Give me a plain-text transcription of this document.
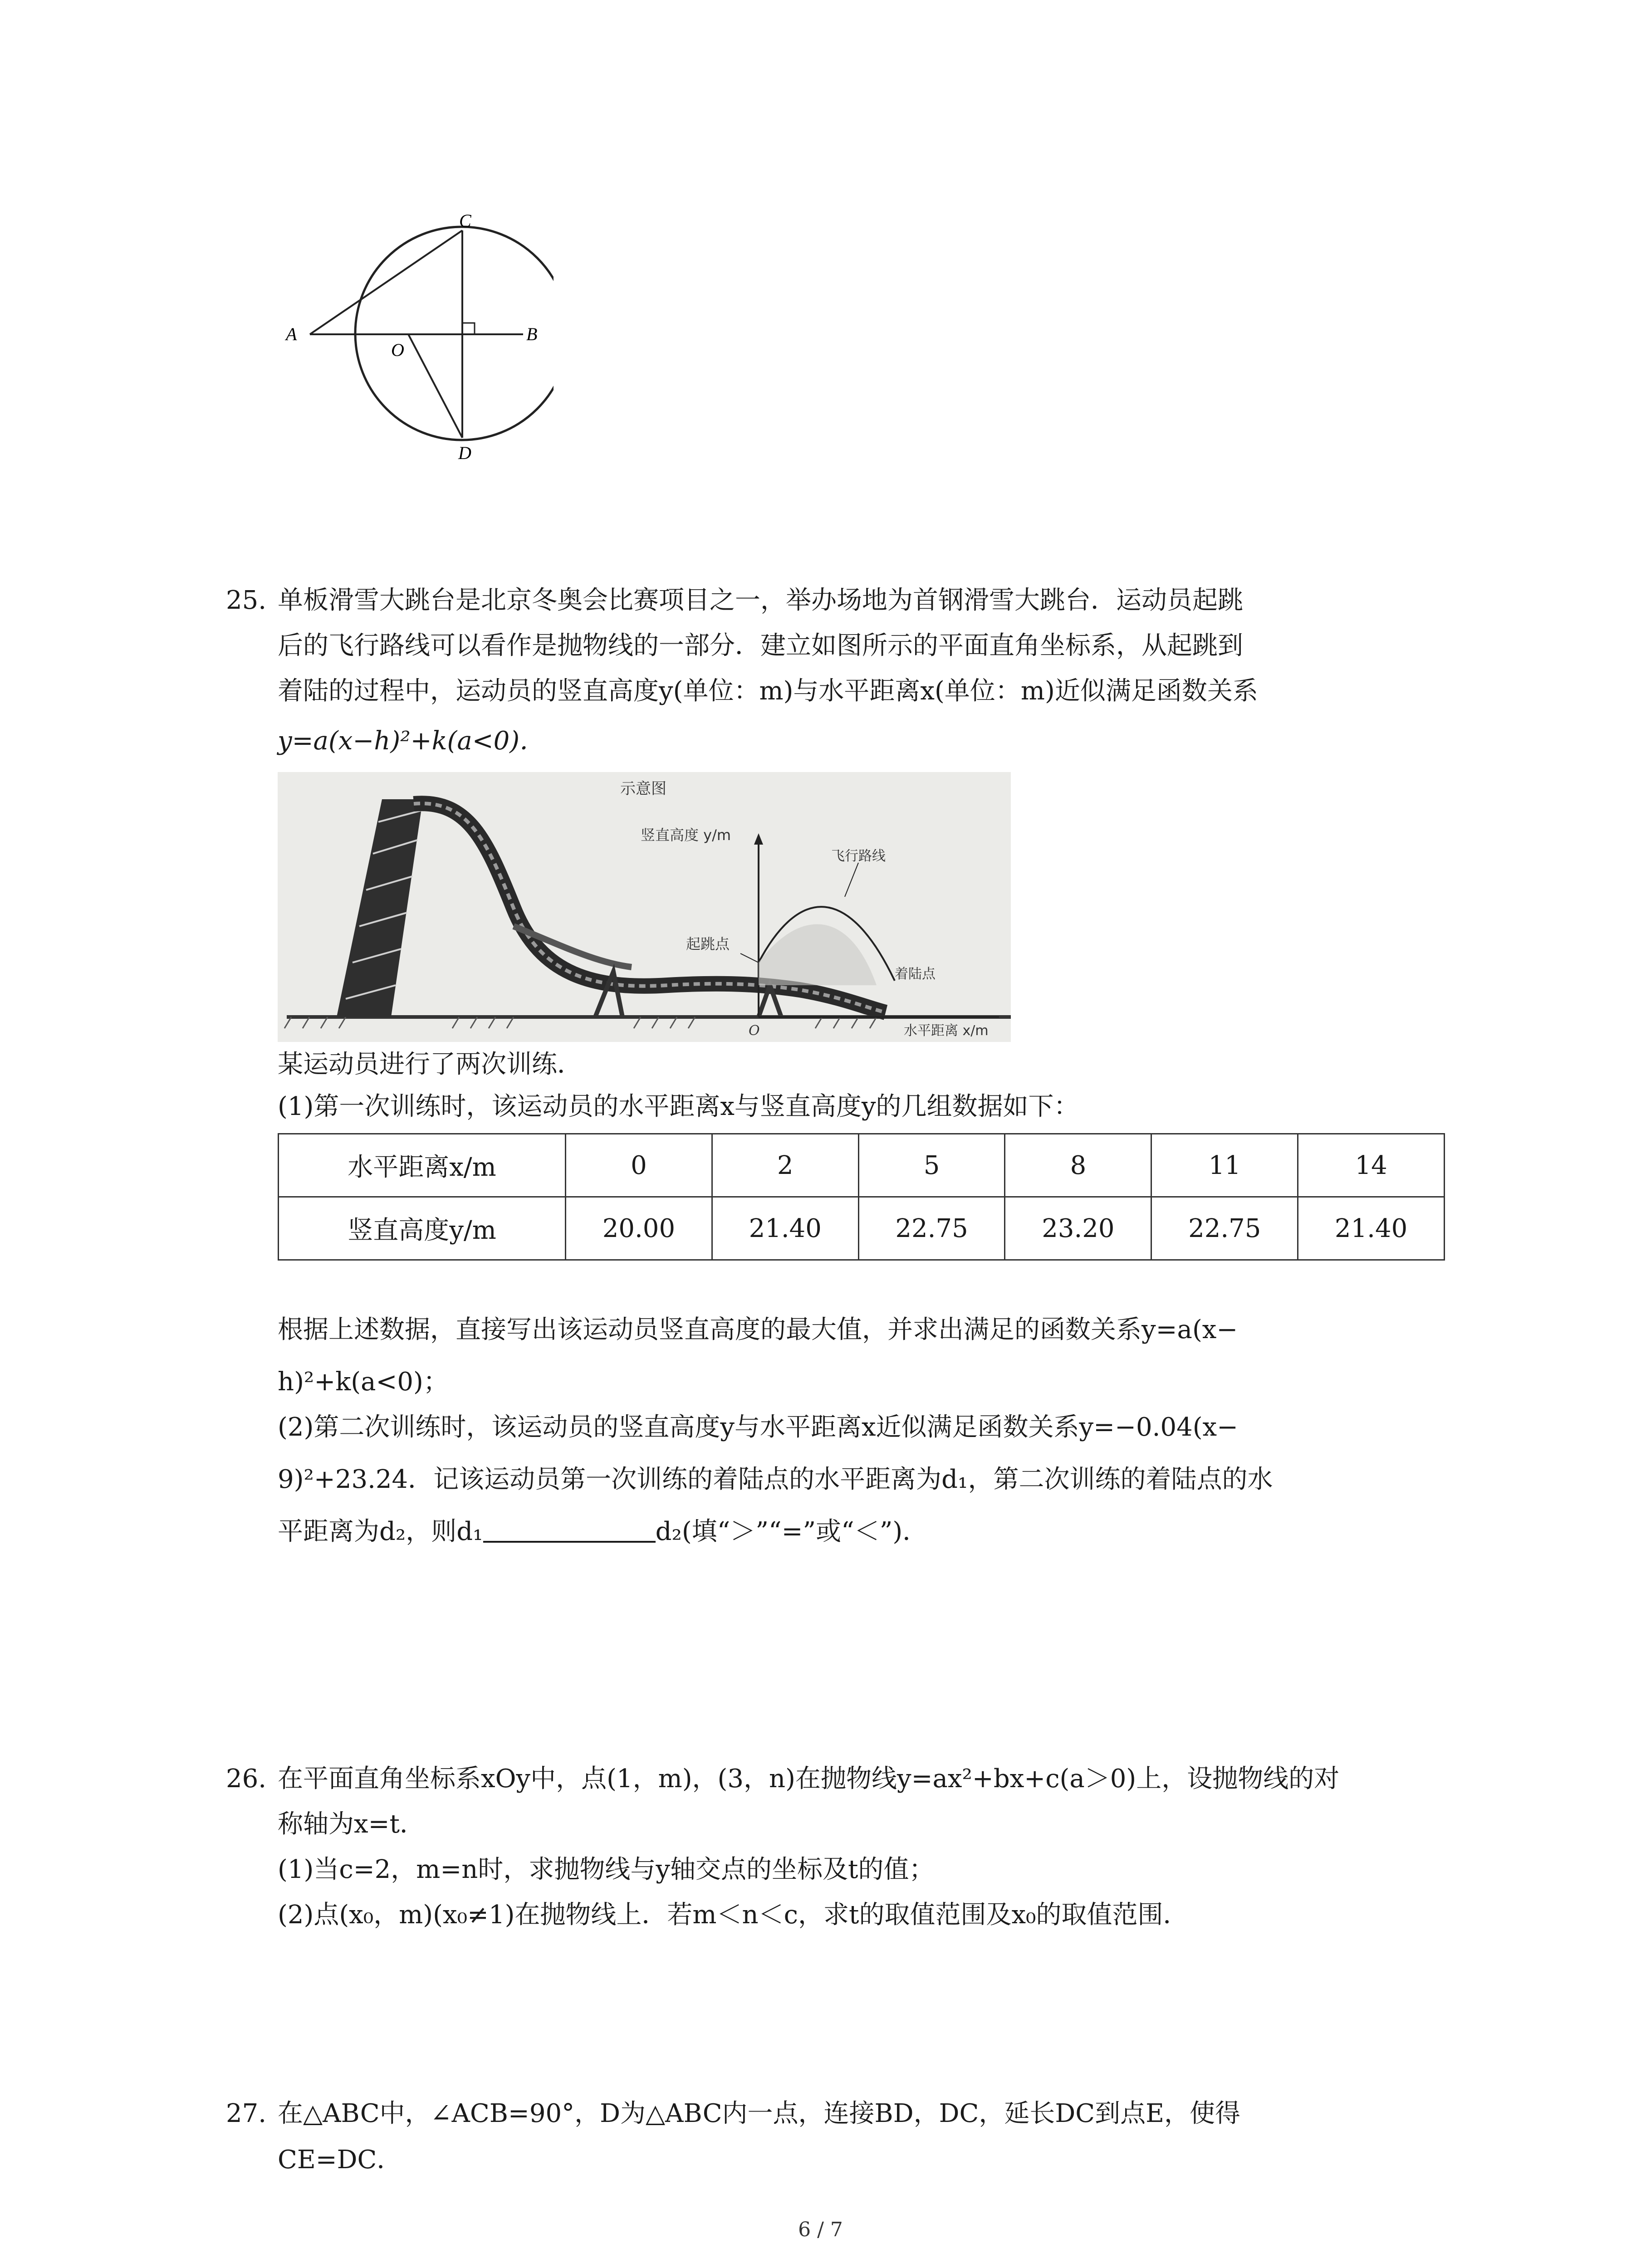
A	B
C
D
O
25. 单板滑雪大跳台是北京冬奥会比赛项目之一，举办场地为首钢滑雪大跳台．运动员起跳
后的飞行路线可以看作是抛物线的一部分．建立如图所示的平面直角坐标系，从起跳到
着陆的过程中，运动员的竖直高度y(单位：m)与水平距离x(单位：m)近似满足函数关系
y=a(x−h)²+k(a<0)．
示意图
竖直高度 y/m
飞行路线
起跳点
着陆点
O	水平距离 x/m
某运动员进行了两次训练．
(1)第一次训练时，该运动员的水平距离x与竖直高度y的几组数据如下：
水平距离x/m	0	2	5	8	11	14
竖直高度y/m	20.00	21.40	22.75	23.20	22.75	21.40
根据上述数据，直接写出该运动员竖直高度的最大值，并求出满足的函数关系y=a(x−
h)²+k(a<0)；
(2)第二次训练时，该运动员的竖直高度y与水平距离x近似满足函数关系y=−0.04(x−
9)²+23.24．记该运动员第一次训练的着陆点的水平距离为d₁，第二次训练的着陆点的水
平距离为d₂，则d₁	d₂(填“＞”“=”或“＜”)．
26. 在平面直角坐标系xOy中，点(1，m)，(3，n)在抛物线y=ax²+bx+c(a＞0)上，设抛物线的对
称轴为x=t．
(1)当c=2，m=n时，求抛物线与y轴交点的坐标及t的值；
(2)点(x₀，m)(x₀≠1)在抛物线上．若m＜n＜c，求t的取值范围及x₀的取值范围．
27. 在△ABC中，∠ACB=90°，D为△ABC内一点，连接BD，DC，延长DC到点E，使得
CE=DC．
6 / 7
